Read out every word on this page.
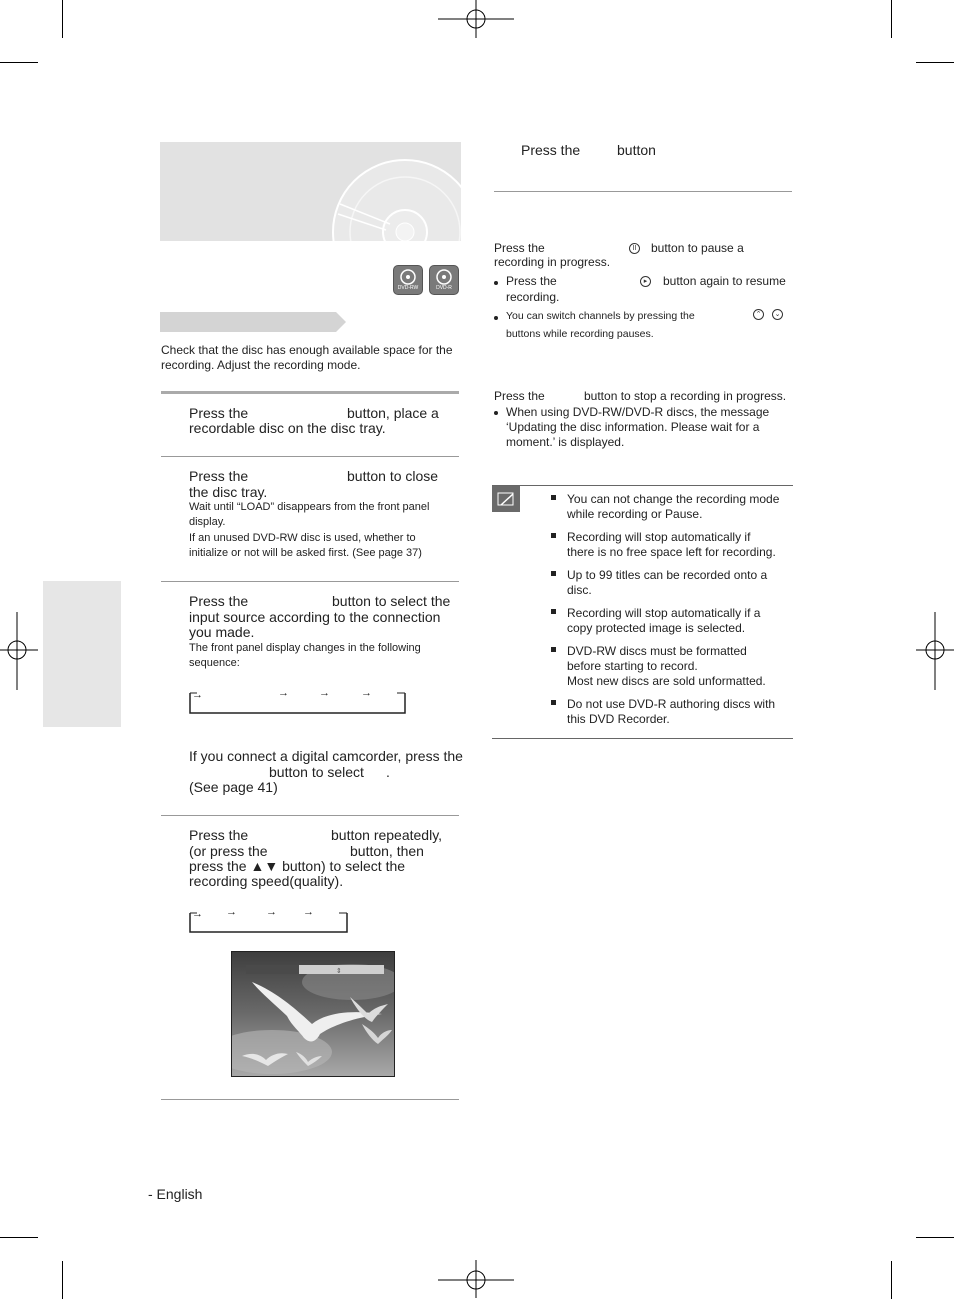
DVD-RW	DVD-R
Check that the disc has enough available space for the recording. Adjust the recording mode.
Press the	button, place a
recordable disc on the disc tray.
Press the	button to close
the disc tray.
Wait until “LOAD” disappears from the front panel
display.
If an unused DVD-RW disc is used, whether to
initialize or not will be asked first. (See page 37)
Press the	button to select the
input source according to the connection
you made.
The front panel display changes in the following
sequence:
→	→	→	→
If you connect a digital camcorder, press the
button to select .
(See page 41)
Press the	button repeatedly,
(or press the	button, then
press the ▲▼ button) to select the
recording speed(quality).
→ →	→ →
⇕
- English
Press the	button
Press the	II button to pause a
recording in progress.
Press the	▸	button again to resume
recording.
You can switch channels by pressing the	⌃	⌄
buttons while recording pauses.
Press the	button to stop a recording in progress.
When using DVD-RW/DVD-R discs, the message
‘Updating the disc information. Please wait for a
moment.’ is displayed.
You can not change the recording mode
while recording or Pause.
Recording will stop automatically if
there is no free space left for recording.
Up to 99 titles can be recorded onto a
disc.
Recording will stop automatically if a
copy protected image is selected.
DVD-RW discs must be formatted
before starting to record.
Most new discs are sold unformatted.
Do not use DVD-R authoring discs with
this DVD Recorder.
